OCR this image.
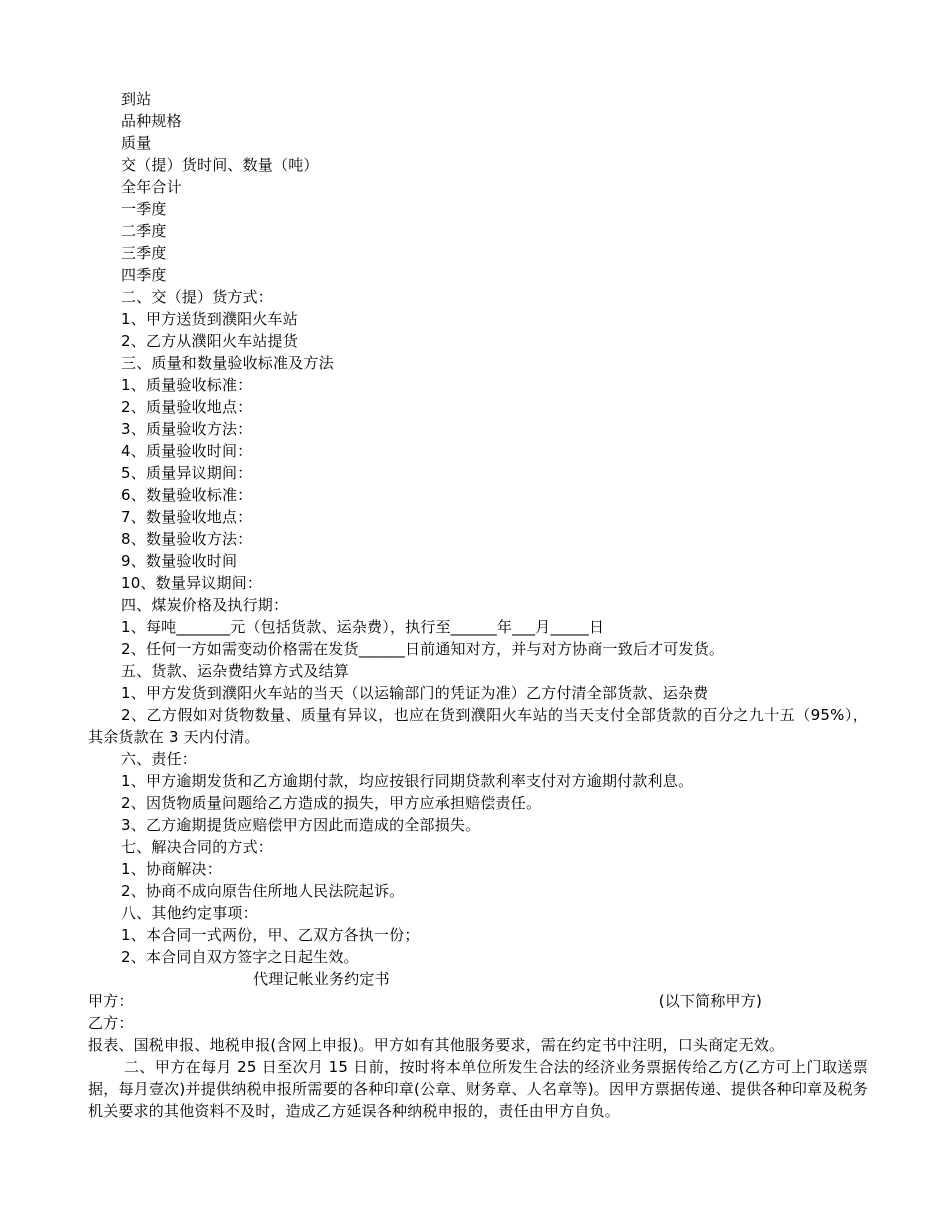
到站
品种规格
质量
交（提）货时间、数量（吨）
全年合计
一季度
二季度
三季度
四季度
二、交（提）货方式：
1、甲方送货到濮阳火车站
2、乙方从濮阳火车站提货
三、质量和数量验收标准及方法
1、质量验收标准：
2、质量验收地点：
3、质量验收方法：
4、质量验收时间：
5、质量异议期间：
6、数量验收标准：
7、数量验收地点：
8、数量验收方法：
9、数量验收时间
10、数量异议期间：
四、煤炭价格及执行期：
1、每吨_______元（包括货款、运杂费），执行至______年___月_____日
2、任何一方如需变动价格需在发货______日前通知对方，并与对方协商一致后才可发货。
五、货款、运杂费结算方式及结算
1、甲方发货到濮阳火车站的当天（以运输部门的凭证为准）乙方付清全部货款、运杂费
2、乙方假如对货物数量、质量有异议，也应在货到濮阳火车站的当天支付全部货款的百分之九十五（95%），其余货款在 3 天内付清。
六、责任：
1、甲方逾期发货和乙方逾期付款，均应按银行同期贷款利率支付对方逾期付款利息。
2、因货物质量问题给乙方造成的损失，甲方应承担赔偿责任。
3、乙方逾期提货应赔偿甲方因此而造成的全部损失。
七、解决合同的方式：
1、协商解决：
2、协商不成向原告住所地人民法院起诉。
八、其他约定事项：
1、本合同一式两份，甲、乙双方各执一份；
2、本合同自双方签字之日起生效。
代理记帐业务约定书
甲方：	(以下简称甲方)
乙方：
报表、国税申报、地税申报(含网上申报)。甲方如有其他服务要求，需在约定书中注明，口头商定无效。
二、甲方在每月 25 日至次月 15 日前，按时将本单位所发生合法的经济业务票据传给乙方(乙方可上门取送票据，每月壹次)并提供纳税申报所需要的各种印章(公章、财务章、人名章等)。因甲方票据传递、提供各种印章及税务机关要求的其他资料不及时，造成乙方延误各种纳税申报的，责任由甲方自负。
